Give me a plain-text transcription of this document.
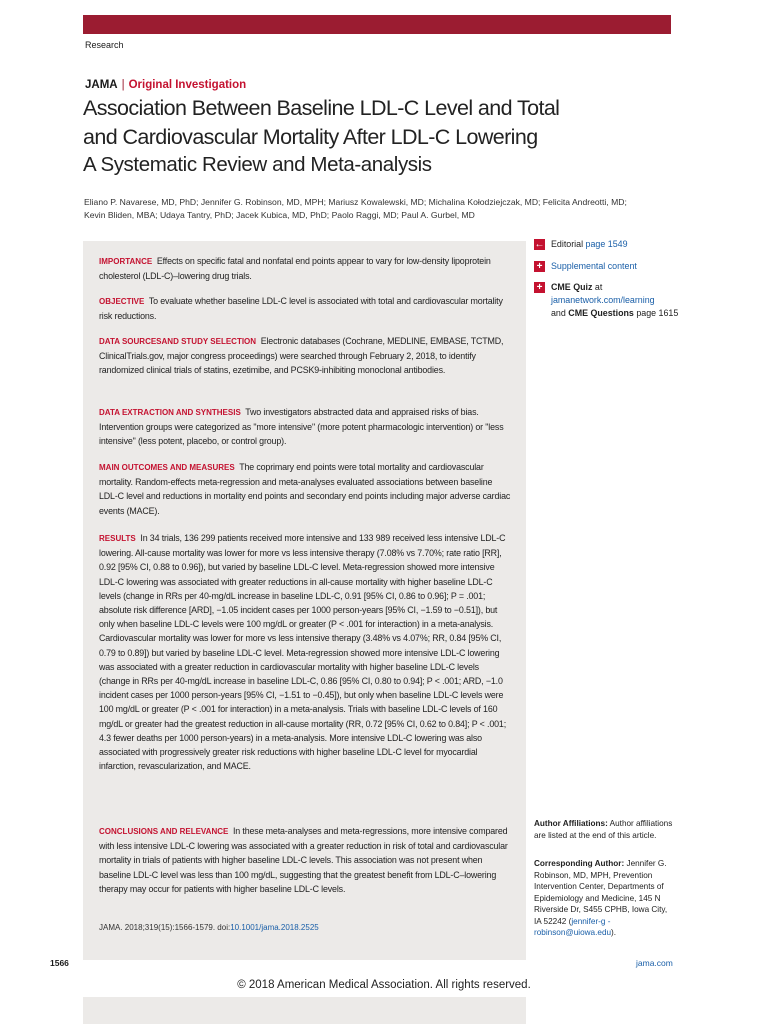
Research
JAMA | Original Investigation
Association Between Baseline LDL-C Level and Total
and Cardiovascular Mortality After LDL-C Lowering
A Systematic Review and Meta-analysis
Eliano P. Navarese, MD, PhD; Jennifer G. Robinson, MD, MPH; Mariusz Kowalewski, MD; Michalina Kołodziejczak, MD; Felicita Andreotti, MD;
Kevin Bliden, MBA; Udaya Tantry, PhD; Jacek Kubica, MD, PhD; Paolo Raggi, MD; Paul A. Gurbel, MD
IMPORTANCE Effects on specific fatal and nonfatal end points appear to vary for low-density lipoprotein cholesterol (LDL-C)–lowering drug trials.
OBJECTIVE To evaluate whether baseline LDL-C level is associated with total and cardiovascular mortality risk reductions.
DATA SOURCESAND STUDY SELECTION Electronic databases (Cochrane, MEDLINE, EMBASE, TCTMD, ClinicalTrials.gov, major congress proceedings) were searched through February 2, 2018, to identify randomized clinical trials of statins, ezetimibe, and PCSK9-inhibiting monoclonal antibodies.
DATA EXTRACTION AND SYNTHESIS Two investigators abstracted data and appraised risks of bias. Intervention groups were categorized as "more intensive" (more potent pharmacologic intervention) or "less intensive" (less potent, placebo, or control group).
MAIN OUTCOMES AND MEASURES The coprimary end points were total mortality and cardiovascular mortality. Random-effects meta-regression and meta-analyses evaluated associations between baseline LDL-C level and reductions in mortality end points and secondary end points including major adverse cardiac events (MACE).
RESULTS In 34 trials, 136 299 patients received more intensive and 133 989 received less intensive LDL-C lowering. All-cause mortality was lower for more vs less intensive therapy (7.08% vs 7.70%; rate ratio [RR], 0.92 [95% CI, 0.88 to 0.96]), but varied by baseline LDL-C level. Meta-regression showed more intensive LDL-C lowering was associated with greater reductions in all-cause mortality with higher baseline LDL-C levels (change in RRs per 40-mg/dL increase in baseline LDL-C, 0.91 [95% CI, 0.86 to 0.96]; P = .001; absolute risk difference [ARD], −1.05 incident cases per 1000 person-years [95% CI, −1.59 to −0.51]), but only when baseline LDL-C levels were 100 mg/dL or greater (P < .001 for interaction) in a meta-analysis. Cardiovascular mortality was lower for more vs less intensive therapy (3.48% vs 4.07%; RR, 0.84 [95% CI, 0.79 to 0.89]) but varied by baseline LDL-C level. Meta-regression showed more intensive LDL-C lowering was associated with a greater reduction in cardiovascular mortality with higher baseline LDL-C levels (change in RRs per 40-mg/dL increase in baseline LDL-C, 0.86 [95% CI, 0.80 to 0.94]; P < .001; ARD, −1.0 incident cases per 1000 person-years [95% CI, −1.51 to −0.45]), but only when baseline LDL-C levels were 100 mg/dL or greater (P < .001 for interaction) in a meta-analysis. Trials with baseline LDL-C levels of 160 mg/dL or greater had the greatest reduction in all-cause mortality (RR, 0.72 [95% CI, 0.62 to 0.84]; P < .001; 4.3 fewer deaths per 1000 person-years) in a meta-analysis. More intensive LDL-C lowering was also associated with progressively greater risk reductions with higher baseline LDL-C level for myocardial infarction, revascularization, and MACE.
CONCLUSIONS AND RELEVANCE In these meta-analyses and meta-regressions, more intensive compared with less intensive LDL-C lowering was associated with a greater reduction in risk of total and cardiovascular mortality in trials of patients with higher baseline LDL-C levels. This association was not present when baseline LDL-C level was less than 100 mg/dL, suggesting that the greatest benefit from LDL-C–lowering therapy may occur for patients with higher baseline LDL-C levels.
JAMA. 2018;319(15):1566-1579. doi:10.1001/jama.2018.2525
← Editorial page 1549
+ Supplemental content
+ CME Quiz at
jamanetwork.com/learning
and CME Questions page 1615
Author Affiliations: Author affiliations are listed at the end of this article.
Corresponding Author: Jennifer G. Robinson, MD, MPH, Prevention Intervention Center, Departments of Epidemiology and Medicine, 145 N Riverside Dr, S455 CPHB, Iowa City, IA 52242 (jennifer-g -robinson@uiowa.edu).
1566	jama.com
© 2018 American Medical Association. All rights reserved.
